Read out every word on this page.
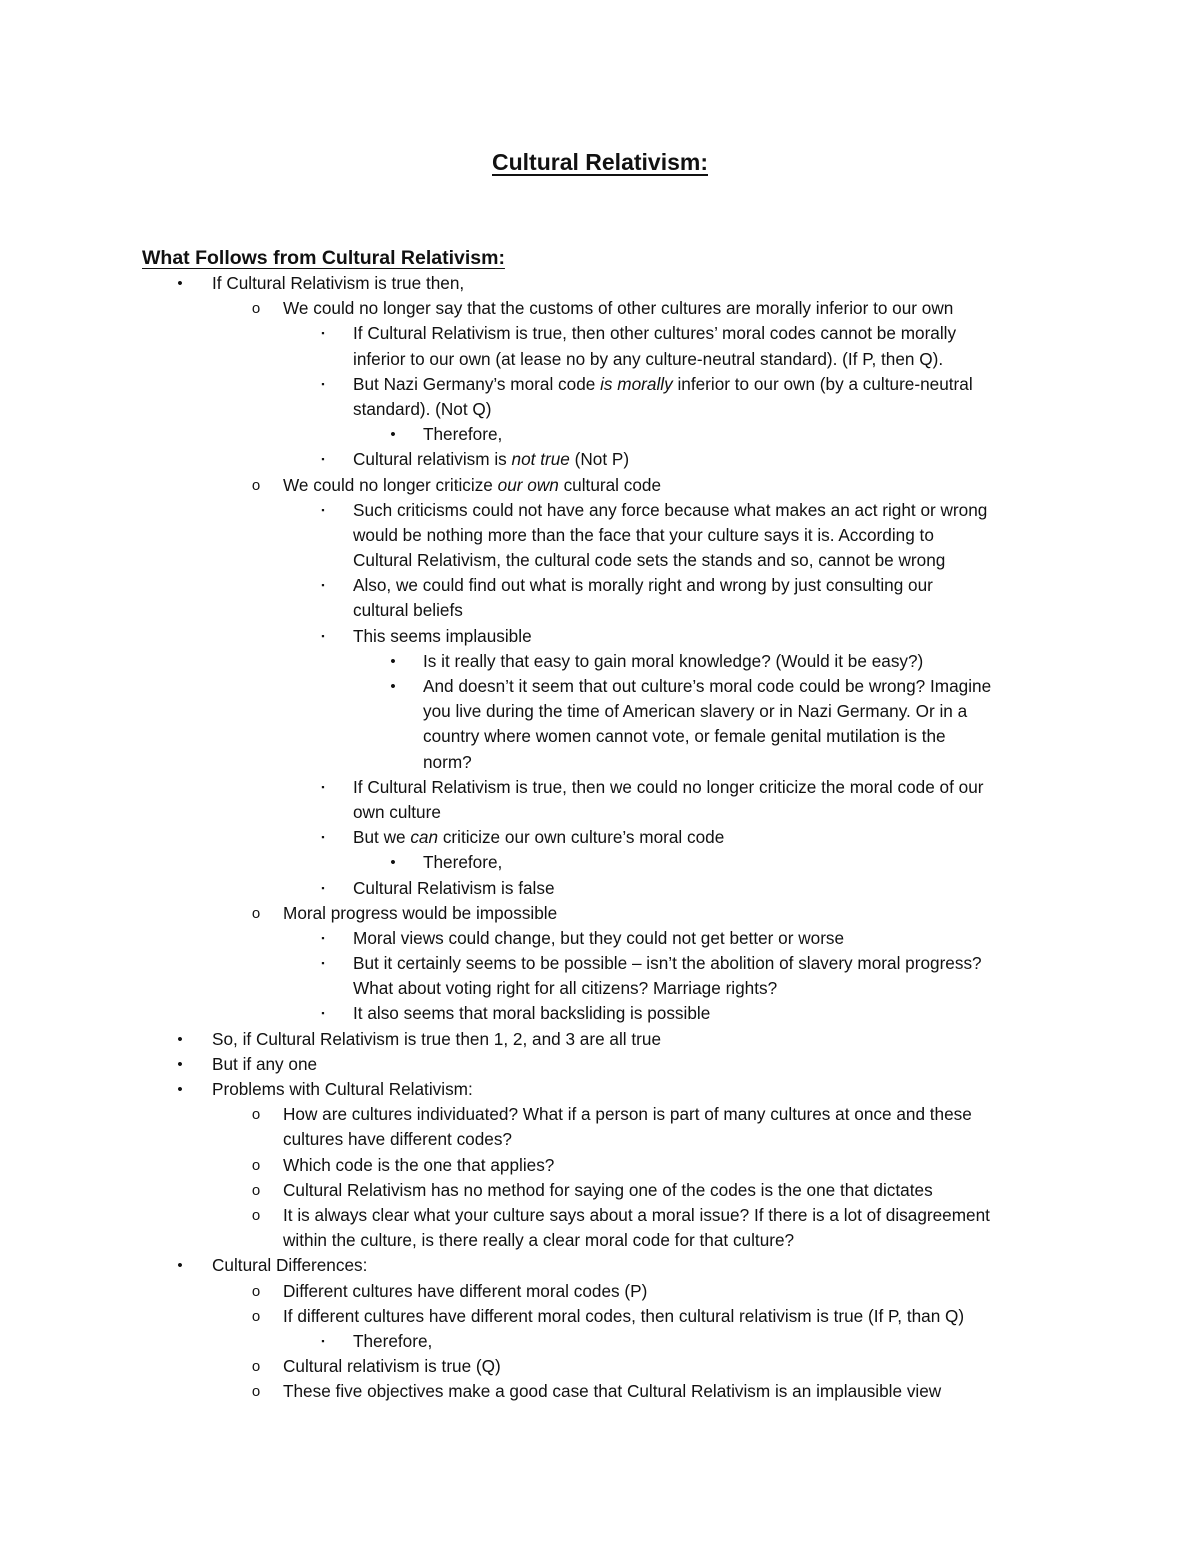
Cultural Relativism:
What Follows from Cultural Relativism:
• If Cultural Relativism is true then,
o We could no longer say that the customs of other cultures are morally inferior to our own
▪	If Cultural Relativism is true, then other cultures’ moral codes cannot be morally
inferior to our own (at lease no by any culture-neutral standard). (If P, then Q).
▪	But Nazi Germany’s moral code is morally inferior to our own (by a culture-neutral
standard). (Not Q)
• Therefore,
▪	Cultural relativism is not true (Not P)
o We could no longer criticize our own cultural code
▪	Such criticisms could not have any force because what makes an act right or wrong
would be nothing more than the face that your culture says it is. According to
Cultural Relativism, the cultural code sets the stands and so, cannot be wrong
▪	Also, we could find out what is morally right and wrong by just consulting our
cultural beliefs
▪	This seems implausible
• Is it really that easy to gain moral knowledge? (Would it be easy?)
• And doesn’t it seem that out culture’s moral code could be wrong? Imagine
you live during the time of American slavery or in Nazi Germany. Or in a
country where women cannot vote, or female genital mutilation is the
norm?
▪	If Cultural Relativism is true, then we could no longer criticize the moral code of our
own culture
▪	But we can criticize our own culture’s moral code
• Therefore,
▪	Cultural Relativism is false
o Moral progress would be impossible
▪	Moral views could change, but they could not get better or worse
▪	But it certainly seems to be possible – isn’t the abolition of slavery moral progress?
What about voting right for all citizens? Marriage rights?
▪	It also seems that moral backsliding is possible
• So, if Cultural Relativism is true then 1, 2, and 3 are all true
• But if any one
• Problems with Cultural Relativism:
o How are cultures individuated? What if a person is part of many cultures at once and these
cultures have different codes?
o Which code is the one that applies?
o Cultural Relativism has no method for saying one of the codes is the one that dictates
o It is always clear what your culture says about a moral issue? If there is a lot of disagreement
within the culture, is there really a clear moral code for that culture?
• Cultural Differences:
o Different cultures have different moral codes (P)
o If different cultures have different moral codes, then cultural relativism is true (If P, than Q)
▪	Therefore,
o Cultural relativism is true (Q)
o These five objectives make a good case that Cultural Relativism is an implausible view
